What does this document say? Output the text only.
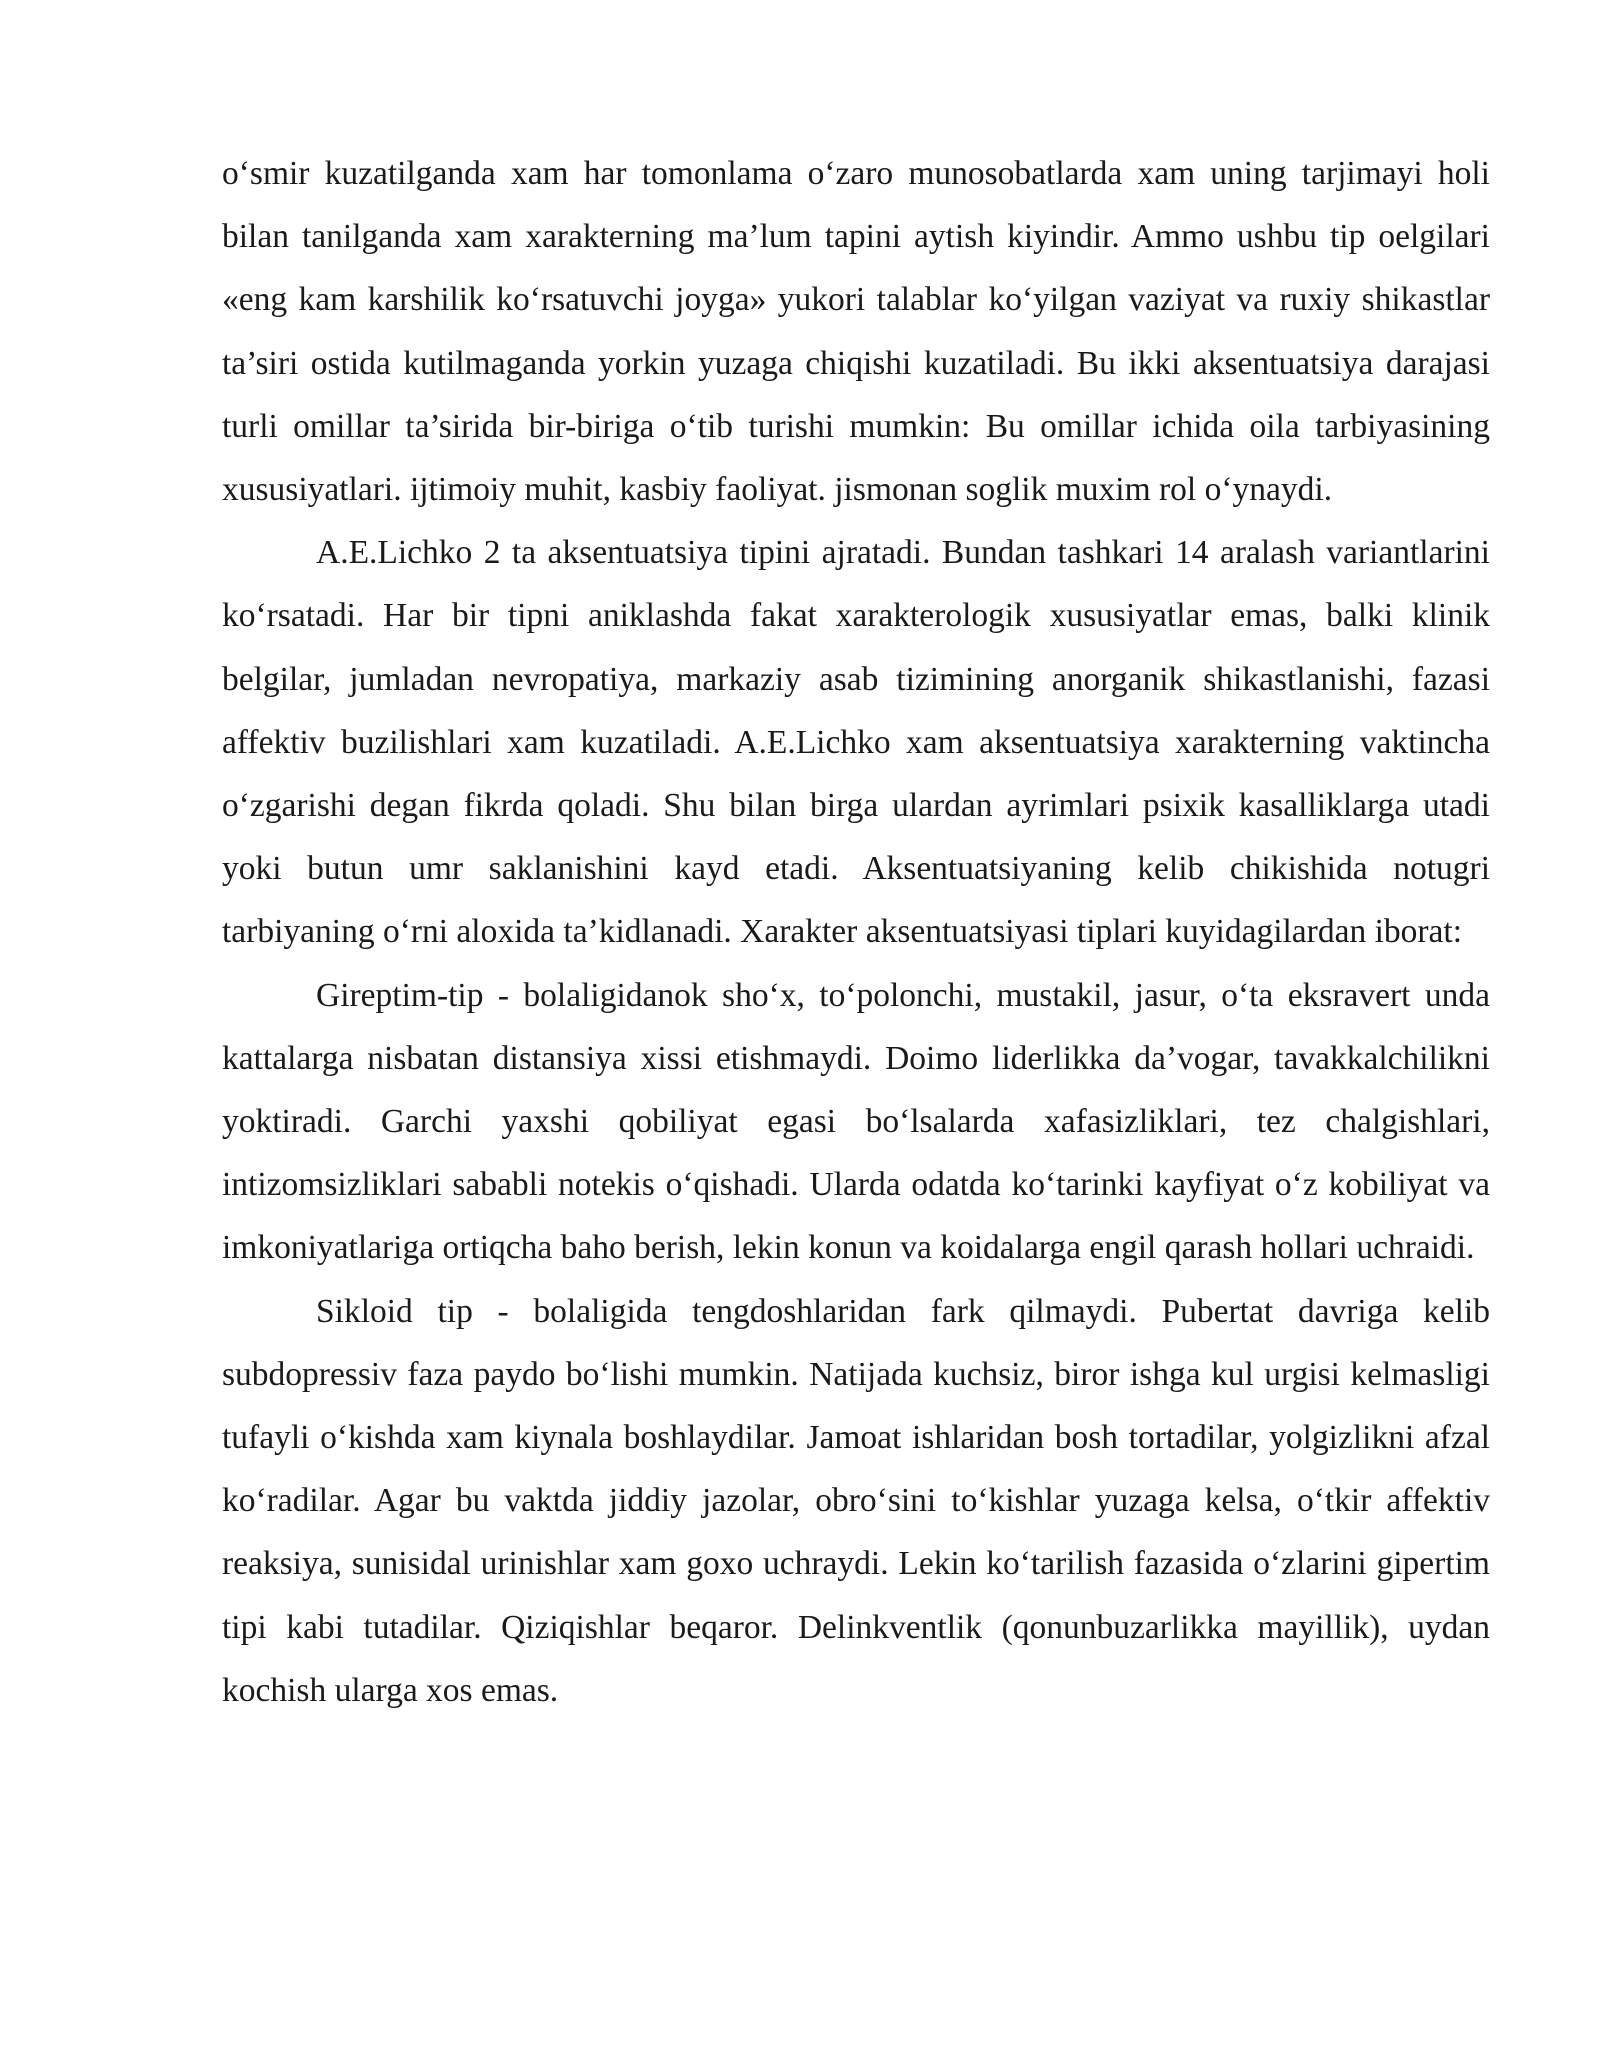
o‘smir kuzatilganda xam har tomonlama o‘zaro munosobatlarda xam uning tarjimayi holi bilan tanilganda xam xarakterning ma’lum tapini aytish kiyindir. Ammo ushbu tip oelgilari «eng kam karshilik ko‘rsatuvchi joyga» yukori talablar ko‘yilgan vaziyat va ruxiy shikastlar ta’siri ostida kutilmaganda yorkin yuzaga chiqishi kuzatiladi. Bu ikki aksentuatsiya darajasi turli omillar ta’sirida bir-biriga o‘tib turishi mumkin: Bu omillar ichida oila tarbiyasining xususiyatlari. ijtimoiy muhit, kasbiy faoliyat. jismonan soglik muxim rol o‘ynaydi.

A.E.Lichko 2 ta aksentuatsiya tipini ajratadi. Bundan tashkari 14 aralash variantlarini ko‘rsatadi. Har bir tipni aniklashda fakat xarakterologik xususiyatlar emas, balki klinik belgilar, jumladan nevropatiya, markaziy asab tizimining anorganik shikastlanishi, fazasi affektiv buzilishlari xam kuzatiladi. A.E.Lichko xam aksentuatsiya xarakterning vaktincha o‘zgarishi degan fikrda qoladi. Shu bilan birga ulardan ayrimlari psixik kasalliklarga utadi yoki butun umr saklanishini kayd etadi. Aksentuatsiyaning kelib chikishida notugri tarbiyaning o‘rni aloxida ta’kidlanadi. Xarakter aksentuatsiyasi tiplari kuyidagilardan iborat:

Gireptim-tip - bolaligidanok sho‘x, to‘polonchi, mustakil, jasur, o‘ta eksravert unda kattalarga nisbatan distansiya xissi etishmaydi. Doimo liderlikka da’vogar, tavakkalchilikni yoktiradi. Garchi yaxshi qobiliyat egasi bo‘lsalarda xafasizliklari, tez chalgishlari, intizomsizliklari sababli notekis o‘qishadi. Ularda odatda ko‘tarinki kayfiyat o‘z kobiliyat va imkoniyatlariga ortiqcha baho berish, lekin konun va koidalarga engil qarash hollari uchraidi.

Sikloid tip - bolaligida tengdoshlaridan fark qilmaydi. Pubertat davriga kelib subdopressiv faza paydo bo‘lishi mumkin. Natijada kuchsiz, biror ishga kul urgisi kelmasligi tufayli o‘kishda xam kiynala boshlaydilar. Jamoat ishlaridan bosh tortadilar, yolgizlikni afzal ko‘radilar. Agar bu vaktda jiddiy jazolar, obro‘sini to‘kishlar yuzaga kelsa, o‘tkir affektiv reaksiya, sunisidal urinishlar xam goxo uchraydi. Lekin ko‘tarilish fazasida o‘zlarini gipertim tipi kabi tutadilar. Qiziqishlar beqaror. Delinkventlik (qonunbuzarlikka mayillik), uydan kochish ularga xos emas.
